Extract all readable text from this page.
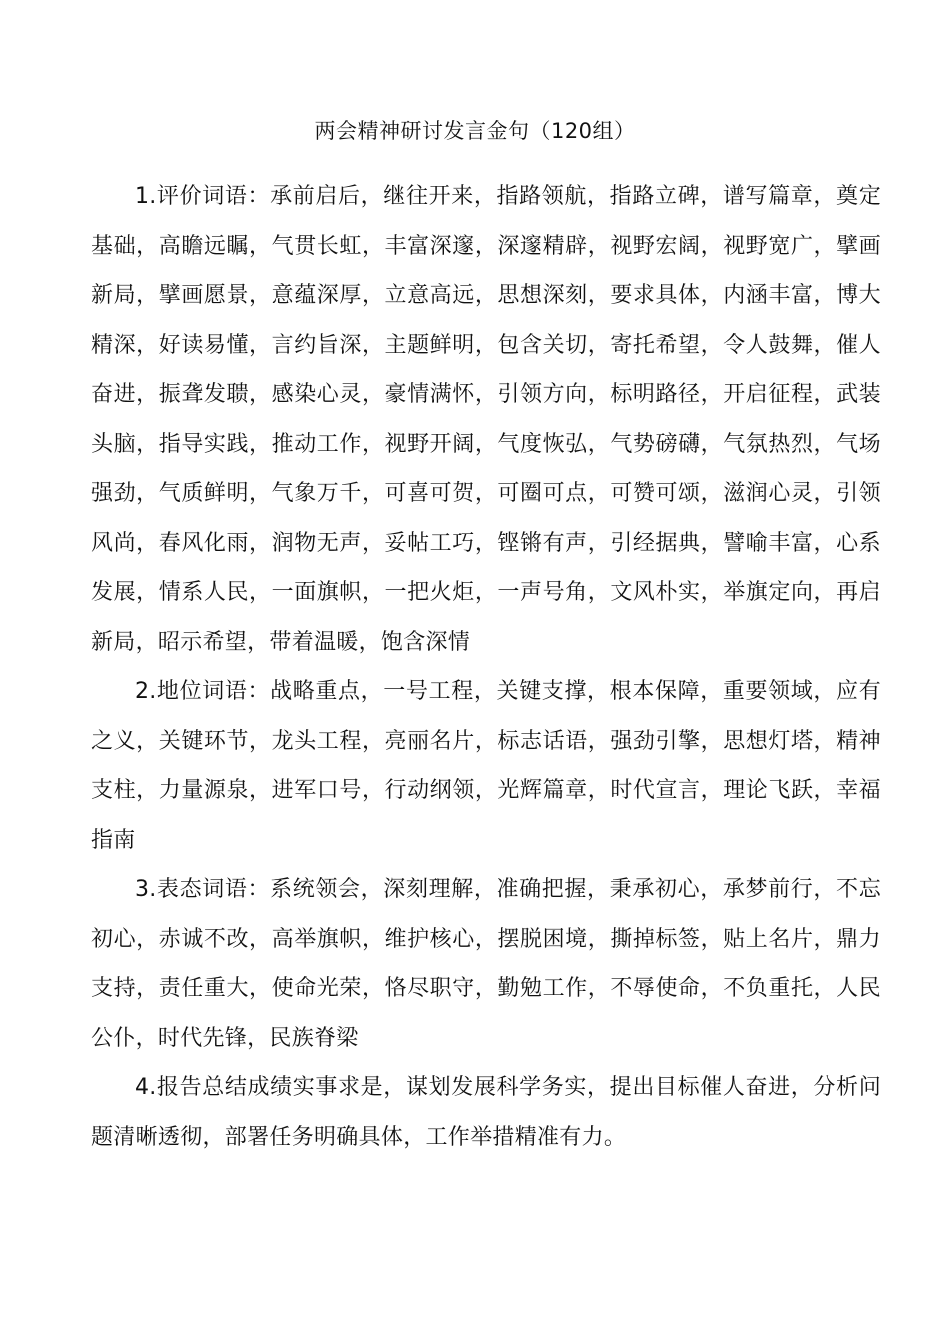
两会精神研讨发言金句（120组）

1.评价词语：承前启后，继往开来，指路领航，指路立碑，谱写篇章，奠定基础，高瞻远瞩，气贯长虹，丰富深邃，深邃精辟，视野宏阔，视野宽广，擘画新局，擘画愿景，意蕴深厚，立意高远，思想深刻，要求具体，内涵丰富，博大精深，好读易懂，言约旨深，主题鲜明，包含关切，寄托希望，令人鼓舞，催人奋进，振聋发聩，感染心灵，豪情满怀，引领方向，标明路径，开启征程，武装头脑，指导实践，推动工作，视野开阔，气度恢弘，气势磅礴，气氛热烈，气场强劲，气质鲜明，气象万千，可喜可贺，可圈可点，可赞可颂，滋润心灵，引领风尚，春风化雨，润物无声，妥帖工巧，铿锵有声，引经据典，譬喻丰富，心系发展，情系人民，一面旗帜，一把火炬，一声号角，文风朴实，举旗定向，再启新局，昭示希望，带着温暖，饱含深情

2.地位词语：战略重点，一号工程，关键支撑，根本保障，重要领域，应有之义，关键环节，龙头工程，亮丽名片，标志话语，强劲引擎，思想灯塔，精神支柱，力量源泉，进军口号，行动纲领，光辉篇章，时代宣言，理论飞跃，幸福指南

3.表态词语：系统领会，深刻理解，准确把握，秉承初心，承梦前行，不忘初心，赤诚不改，高举旗帜，维护核心，摆脱困境，撕掉标签，贴上名片，鼎力支持，责任重大，使命光荣，恪尽职守，勤勉工作，不辱使命，不负重托，人民公仆，时代先锋，民族脊梁

4.报告总结成绩实事求是，谋划发展科学务实，提出目标催人奋进，分析问题清晰透彻，部署任务明确具体，工作举措精准有力。
